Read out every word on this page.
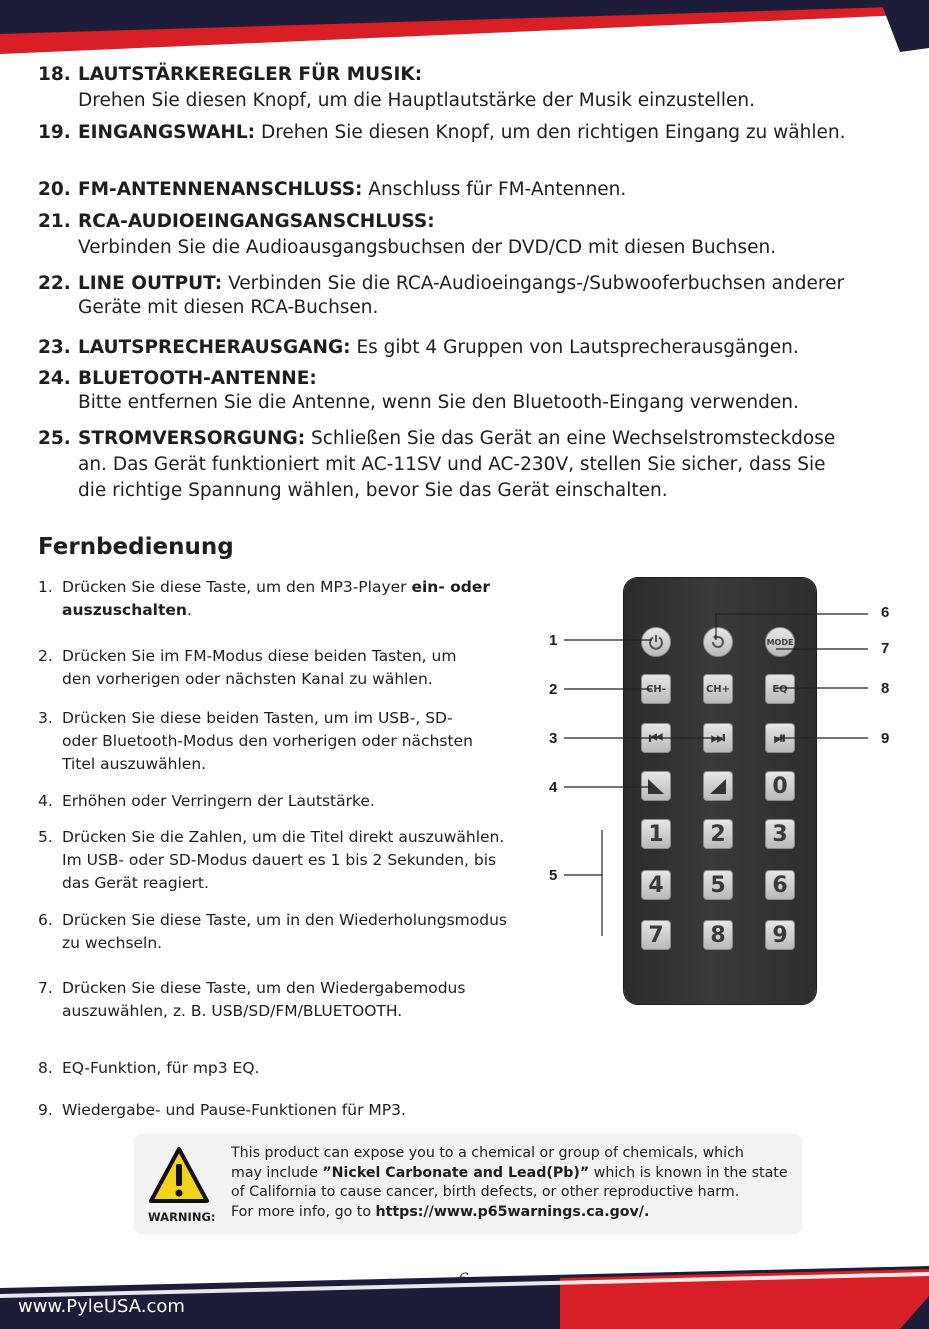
18. LAUTSTÄRKEREGLER FÜR MUSIK:
Drehen Sie diesen Knopf, um die Hauptlautstärke der Musik einzustellen.
19. EINGANGSWAHL: Drehen Sie diesen Knopf, um den richtigen Eingang zu wählen.
20. FM-ANTENNENANSCHLUSS: Anschluss für FM-Antennen.
21. RCA-AUDIOEINGANGSANSCHLUSS:
Verbinden Sie die Audioausgangsbuchsen der DVD/CD mit diesen Buchsen.
22. LINE OUTPUT: Verbinden Sie die RCA-Audioeingangs-/Subwooferbuchsen anderer
Geräte mit diesen RCA-Buchsen.
23. LAUTSPRECHERAUSGANG: Es gibt 4 Gruppen von Lautsprecherausgängen.
24. BLUETOOTH-ANTENNE:
Bitte entfernen Sie die Antenne, wenn Sie den Bluetooth-Eingang verwenden.
25. STROMVERSORGUNG: Schließen Sie das Gerät an eine Wechselstromsteckdose
an. Das Gerät funktioniert mit AC-11SV und AC-230V, stellen Sie sicher, dass Sie
die richtige Spannung wählen, bevor Sie das Gerät einschalten.
Fernbedienung
1. Drücken Sie diese Taste, um den MP3-Player ein- oder
auszuschalten.
2. Drücken Sie im FM-Modus diese beiden Tasten, um
den vorherigen oder nächsten Kanal zu wählen.
3. Drücken Sie diese beiden Tasten, um im USB-, SD-
oder Bluetooth-Modus den vorherigen oder nächsten
Titel auszuwählen.
4. Erhöhen oder Verringern der Lautstärke.
5. Drücken Sie die Zahlen, um die Titel direkt auszuwählen.
Im USB- oder SD-Modus dauert es 1 bis 2 Sekunden, bis
das Gerät reagiert.
6. Drücken Sie diese Taste, um in den Wiederholungsmodus
zu wechseln.
7. Drücken Sie diese Taste, um den Wiedergabemodus
auszuwählen, z. B. USB/SD/FM/BLUETOOTH.
8. EQ-Funktion, für mp3 EQ.
9. Wiedergabe- und Pause-Funktionen für MP3.
MODE
CH-	CH+	EQ
⏮	⏭	⏯
0
1	2	3
4	5	6
7	8	9
1
2
3
4
5
6
7
8
9
WARNING:
This product can expose you to a chemical or group of chemicals, which
may include ”Nickel Carbonate and Lead(Pb)” which is known in the state
of California to cause cancer, birth defects, or other reproductive harm.
For more info, go to https://www.p65warnings.ca.gov/.
www.PyleUSA.com
